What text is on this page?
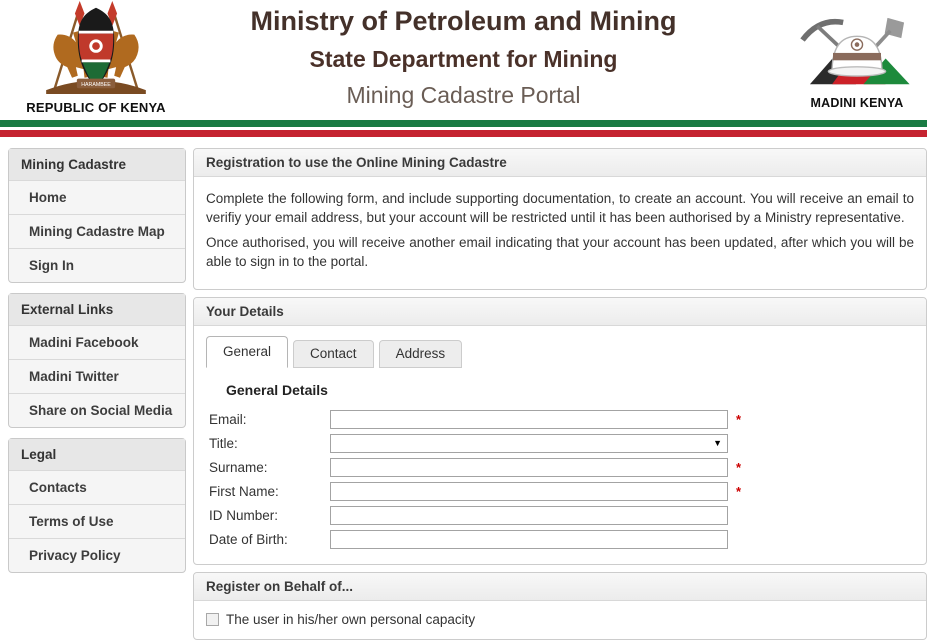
HARAMBEE
REPUBLIC OF KENYA
Ministry of Petroleum and Mining
State Department for Mining
Mining Cadastre Portal	MADINI KENYA
Mining Cadastre
Home
Mining Cadastre Map
Sign In
External Links
Madini Facebook
Madini Twitter
Share on Social Media
Legal
Contacts
Terms of Use
Privacy Policy
Registration to use the Online Mining Cadastre

Complete the following form, and include supporting documentation, to create an account. You will receive an email to verifiy your email address, but your account will be restricted until it has been authorised by a Ministry representative.

Once authorised, you will receive another email indicating that your account has been updated, after which you will be able to sign in to the portal.

Your Details
General	Contact	Address
General Details
Email:	*
Title:	▼
Surname:	*
First Name:	*
ID Number:
Date of Birth:
Register on Behalf of...
The user in his/her own personal capacity
